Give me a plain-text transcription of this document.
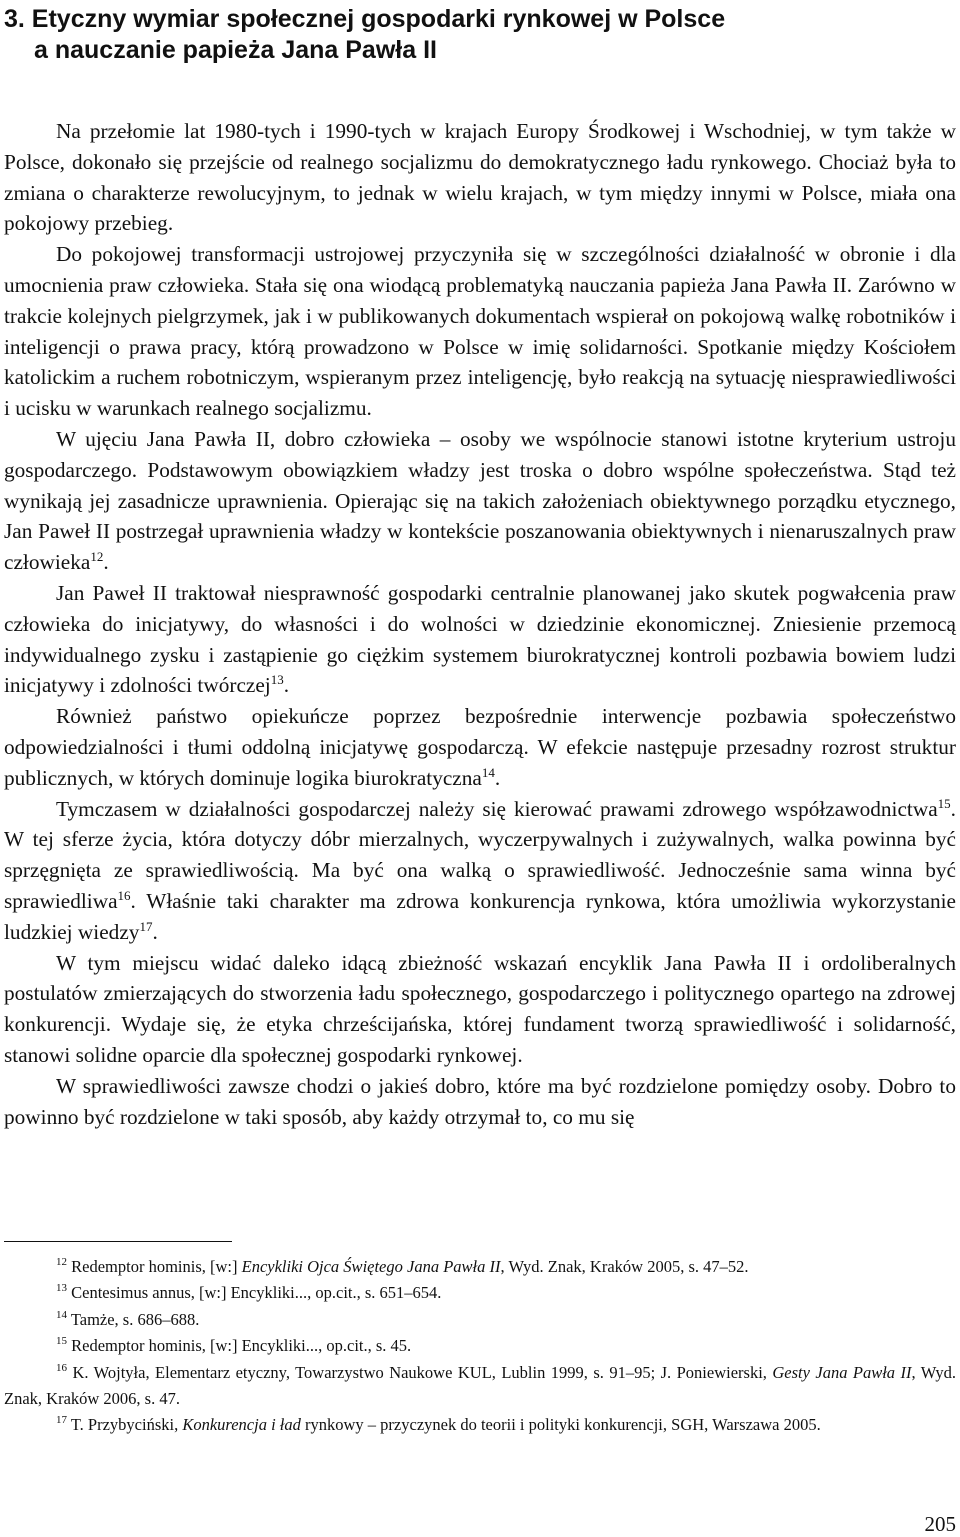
3. Etyczny wymiar społecznej gospodarki rynkowej w Polsce
a nauczanie papieża Jana Pawła II

Na przełomie lat 1980-tych i 1990-tych w krajach Europy Środkowej i Wschodniej, w tym także w Polsce, dokonało się przejście od realnego socjalizmu do demokratycznego ładu rynkowego. Chociaż była to zmiana o charakterze rewolucyjnym, to jednak w wielu krajach, w tym między innymi w Polsce, miała ona pokojowy przebieg.

Do pokojowej transformacji ustrojowej przyczyniła się w szczególności działalność w obronie i dla umocnienia praw człowieka. Stała się ona wiodącą problematyką nauczania papieża Jana Pawła II. Zarówno w trakcie kolejnych pielgrzymek, jak i w publikowanych dokumentach wspierał on pokojową walkę robotników i inteligencji o prawa pracy, którą prowadzono w Polsce w imię solidarności. Spotkanie między Kościołem katolickim a ruchem robotniczym, wspieranym przez inteligencję, było reakcją na sytuację niesprawiedliwości i ucisku w warunkach realnego socjalizmu.

W ujęciu Jana Pawła II, dobro człowieka – osoby we wspólnocie stanowi istotne kryterium ustroju gospodarczego. Podstawowym obowiązkiem władzy jest troska o dobro wspólne społeczeństwa. Stąd też wynikają jej zasadnicze uprawnienia. Opierając się na takich założeniach obiektywnego porządku etycznego, Jan Paweł II postrzegał uprawnienia władzy w kontekście poszanowania obiektywnych i nienaruszalnych praw człowieka$^{12}$.

Jan Paweł II traktował niesprawność gospodarki centralnie planowanej jako skutek pogwałcenia praw człowieka do inicjatywy, do własności i do wolności w dziedzinie ekonomicznej. Zniesienie przemocą indywidualnego zysku i zastąpienie go ciężkim systemem biurokratycznej kontroli pozbawia bowiem ludzi inicjatywy i zdolności twórczej$^{13}$.

Również państwo opiekuńcze poprzez bezpośrednie interwencje pozbawia społeczeństwo odpowiedzialności i tłumi oddolną inicjatywę gospodarczą. W efekcie następuje przesadny rozrost struktur publicznych, w których dominuje logika biurokratyczna$^{14}$.

Tymczasem w działalności gospodarczej należy się kierować prawami zdrowego współzawodnictwa$^{15}$. W tej sferze życia, która dotyczy dóbr mierzalnych, wyczerpywalnych i zużywalnych, walka powinna być sprzęgnięta ze sprawiedliwością. Ma być ona walką o sprawiedliwość. Jednocześnie sama winna być sprawiedliwa$^{16}$. Właśnie taki charakter ma zdrowa konkurencja rynkowa, która umożliwia wykorzystanie ludzkiej wiedzy$^{17}$.

W tym miejscu widać daleko idącą zbieżność wskazań encyklik Jana Pawła II i ordoliberalnych postulatów zmierzających do stworzenia ładu społecznego, gospodarczego i politycznego opartego na zdrowej konkurencji. Wydaje się, że etyka chrześcijańska, której fundament tworzą sprawiedliwość i solidarność, stanowi solidne oparcie dla społecznej gospodarki rynkowej.

W sprawiedliwości zawsze chodzi o jakieś dobro, które ma być rozdzielone pomiędzy osoby. Dobro to powinno być rozdzielone w taki sposób, aby każdy otrzymał to, co mu się

$^{12}$ Redemptor hominis, [w:] Encykliki Ojca Świętego Jana Pawła II, Wyd. Znak, Kraków 2005, s. 47–52.

$^{13}$ Centesimus annus, [w:] Encykliki..., op.cit., s. 651–654.

$^{14}$ Tamże, s. 686–688.

$^{15}$ Redemptor hominis, [w:] Encykliki..., op.cit., s. 45.

$^{16}$ K. Wojtyła, Elementarz etyczny, Towarzystwo Naukowe KUL, Lublin 1999, s. 91–95; J. Poniewierski, Gesty Jana Pawła II, Wyd. Znak, Kraków 2006, s. 47.

$^{17}$ T. Przybyciński, Konkurencja i ład rynkowy – przyczynek do teorii i polityki konkurencji, SGH, Warszawa 2005.

205
